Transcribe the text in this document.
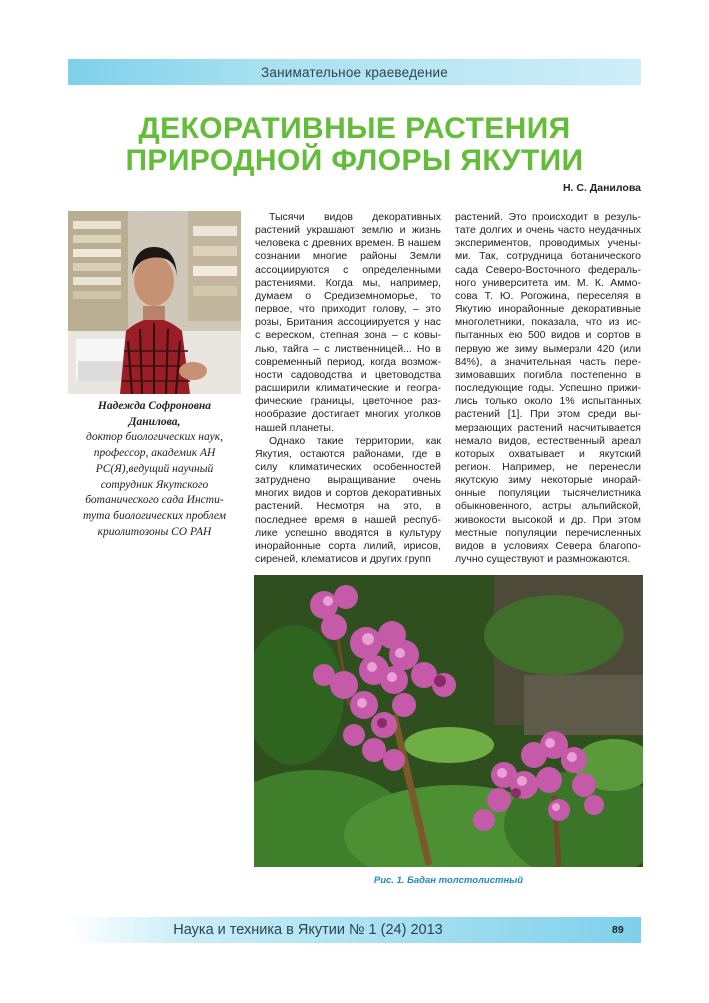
Занимательное краеведение
ДЕКОРАТИВНЫЕ РАСТЕНИЯ
ПРИРОДНОЙ ФЛОРЫ ЯКУТИИ
Н. С. Данилова
Надежда Софроновна
Данилова,
доктор биологических наук,
профессор, академик АН
РС(Я),ведущий научный
сотрудник Якутского
ботанического сада Инсти-
тута биологических проблем
криолитозоны СО РАН

Тысячи видов декоративных растений украшают землю и жизнь человека с древних времен. В нашем сознании многие районы Земли ассоциируются с определенными растениями. Когда мы, например, думаем о Средиземноморье, то первое, что приходит голову, – это розы, Британия ассоциируется у нас с вереском, степная зона – с ковылью, тайга – с лиственницей... Но в современный период, когда возможности садоводства и цветоводства расширили климатические и географические границы, цветочное разнообразие достигает многих уголков нашей планеты.

Однако такие территории, как Якутия, остаются районами, где в силу климатических особенностей затруднено выращивание очень многих видов и сортов декоративных растений. Несмотря на это, в последнее время в нашей республике успешно вводятся в культуру инорайонные сорта лилий, ирисов, сиреней, клематисов и других групп

растений. Это происходит в результате долгих и очень часто неудачных экспериментов, проводимых учеными. Так, сотрудница ботанического сада Северо-Восточного федерального университета им. М. К. Аммосова Т. Ю. Рогожина, переселяя в Якутию инорайонные декоративные многолетники, показала, что из испытанных ею 500 видов и сортов в первую же зиму вымерзли 420 (или 84%), а значительная часть перезимовавших погибла постепенно в последующие годы. Успешно прижились только около 1% испытанных растений [1]. При этом среди вымерзающих растений насчитывается немало видов, естественный ареал которых охватывает и якутский регион. Например, не перенесли якутскую зиму некоторые инорайонные популяции тысячелистника обыкновенного, астры альпийской, живокости высокой и др. При этом местные популяции перечисленных видов в условиях Севера благополучно существуют и размножаются.

Рис. 1. Бадан толстолистный
Наука и техника в Якутии № 1 (24) 2013	89
